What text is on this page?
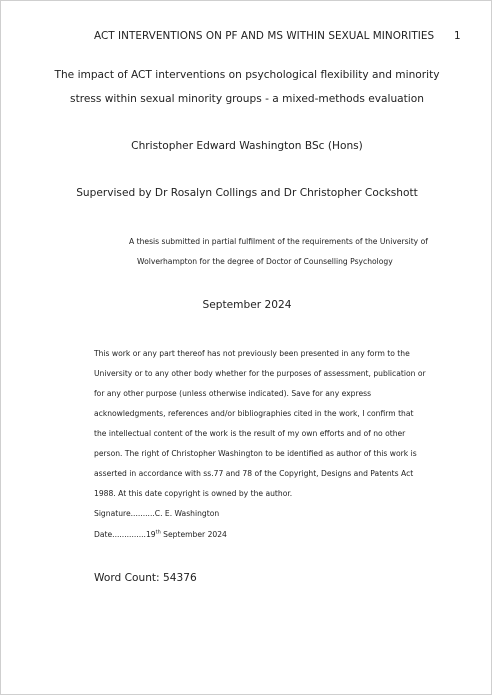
ACT INTERVENTIONS ON PF AND MS WITHIN SEXUAL MINORITIES 1
The impact of ACT interventions on psychological flexibility and minority
stress within sexual minority groups - a mixed-methods evaluation
Christopher Edward Washington BSc (Hons)
Supervised by Dr Rosalyn Collings and Dr Christopher Cockshott
A thesis submitted in partial fulfilment of the requirements of the University of
Wolverhampton for the degree of Doctor of Counselling Psychology
September 2024
This work or any part thereof has not previously been presented in any form to the
University or to any other body whether for the purposes of assessment, publication or
for any other purpose (unless otherwise indicated). Save for any express
acknowledgments, references and/or bibliographies cited in the work, I confirm that
the intellectual content of the work is the result of my own efforts and of no other
person. The right of Christopher Washington to be identified as author of this work is
asserted in accordance with ss.77 and 78 of the Copyright, Designs and Patents Act
1988. At this date copyright is owned by the author.
Signature..........C. E. Washington
Date..............19th September 2024
Word Count: 54376
